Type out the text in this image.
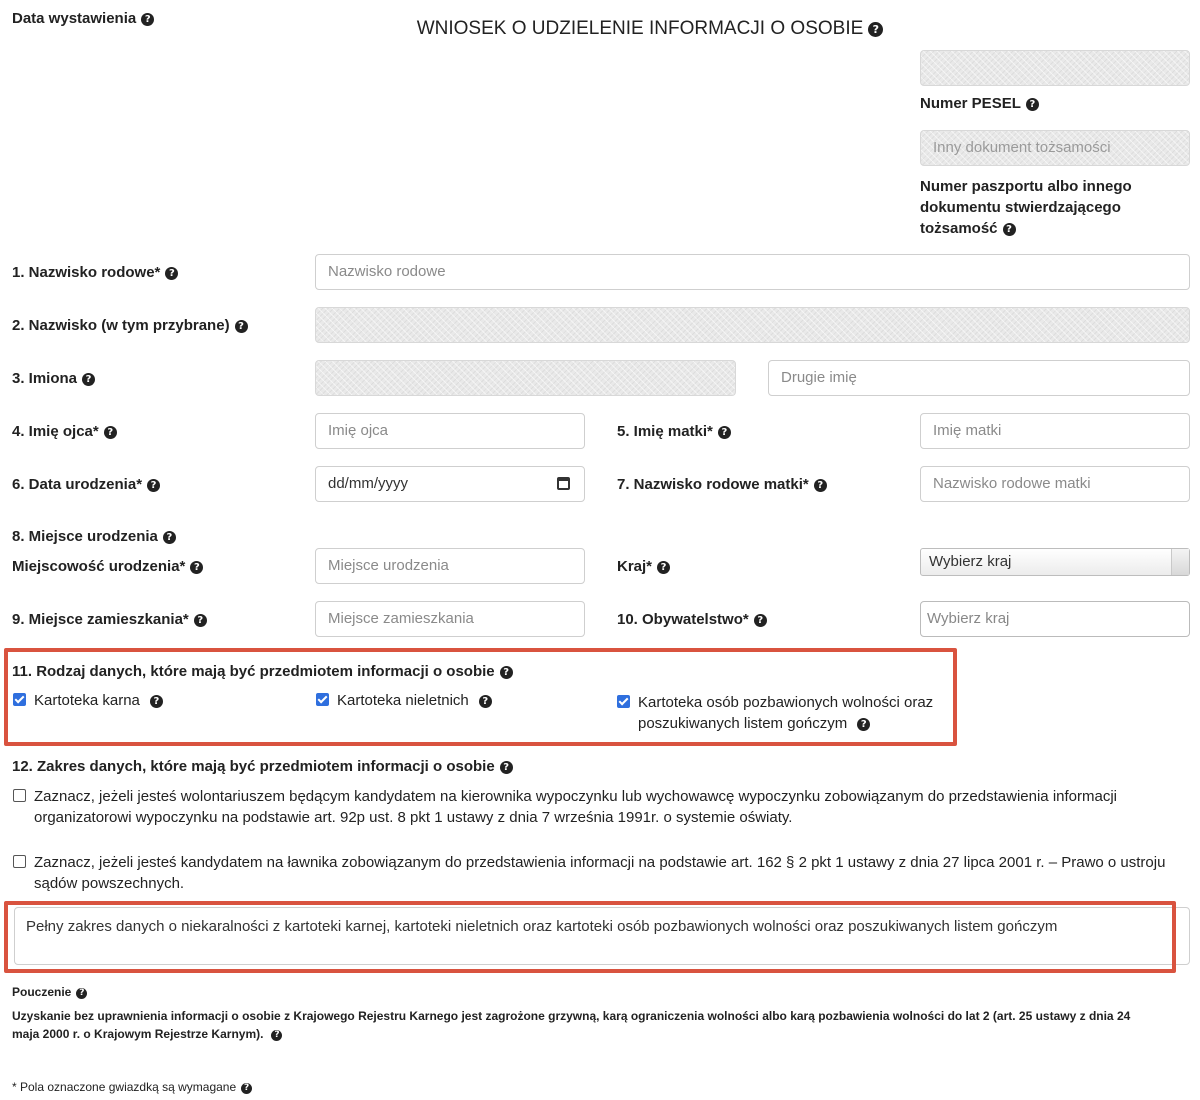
Data wystawienia ?	WNIOSEK O UDZIELENIE INFORMACJI O OSOBIE ?
Numer PESEL ?
Inny dokument tożsamości
Numer paszportu albo innego
dokumentu stwierdzającego
tożsamość ?
1. Nazwisko rodowe* ?	Nazwisko rodowe
2. Nazwisko (w tym przybrane) ?
3. Imiona ?	Drugie imię
4. Imię ojca* ?	Imię ojca	5. Imię matki* ?	Imię matki
6. Data urodzenia* ?	dd/mm/yyyy	7. Nazwisko rodowe matki* ?	Nazwisko rodowe matki
8. Miejsce urodzenia ?
Miejscowość urodzenia* ?	Miejsce urodzenia	Kraj* ?	Wybierz kraj
9. Miejsce zamieszkania* ?	Miejsce zamieszkania	10. Obywatelstwo* ?	Wybierz kraj
11. Rodzaj danych, które mają być przedmiotem informacji o osobie ?
Kartoteka karna ?	Kartoteka nieletnich ?	Kartoteka osób pozbawionych wolności oraz
poszukiwanych listem gończym ?
12. Zakres danych, które mają być przedmiotem informacji o osobie ?
Zaznacz, jeżeli jesteś wolontariuszem będącym kandydatem na kierownika wypoczynku lub wychowawcę wypoczynku zobowiązanym do przedstawienia informacji
organizatorowi wypoczynku na podstawie art. 92p ust. 8 pkt 1 ustawy z dnia 7 września 1991r. o systemie oświaty.
Zaznacz, jeżeli jesteś kandydatem na ławnika zobowiązanym do przedstawienia informacji na podstawie art. 162 § 2 pkt 1 ustawy z dnia 27 lipca 2001 r. – Prawo o ustroju
sądów powszechnych.
Pełny zakres danych o niekaralności z kartoteki karnej, kartoteki nieletnich oraz kartoteki osób pozbawionych wolności oraz poszukiwanych listem gończym
Pouczenie ?
Uzyskanie bez uprawnienia informacji o osobie z Krajowego Rejestru Karnego jest zagrożone grzywną, karą ograniczenia wolności albo karą pozbawienia wolności do lat 2 (art. 25 ustawy z dnia 24
maja 2000 r. o Krajowym Rejestrze Karnym). ?
* Pola oznaczone gwiazdką są wymagane ?
